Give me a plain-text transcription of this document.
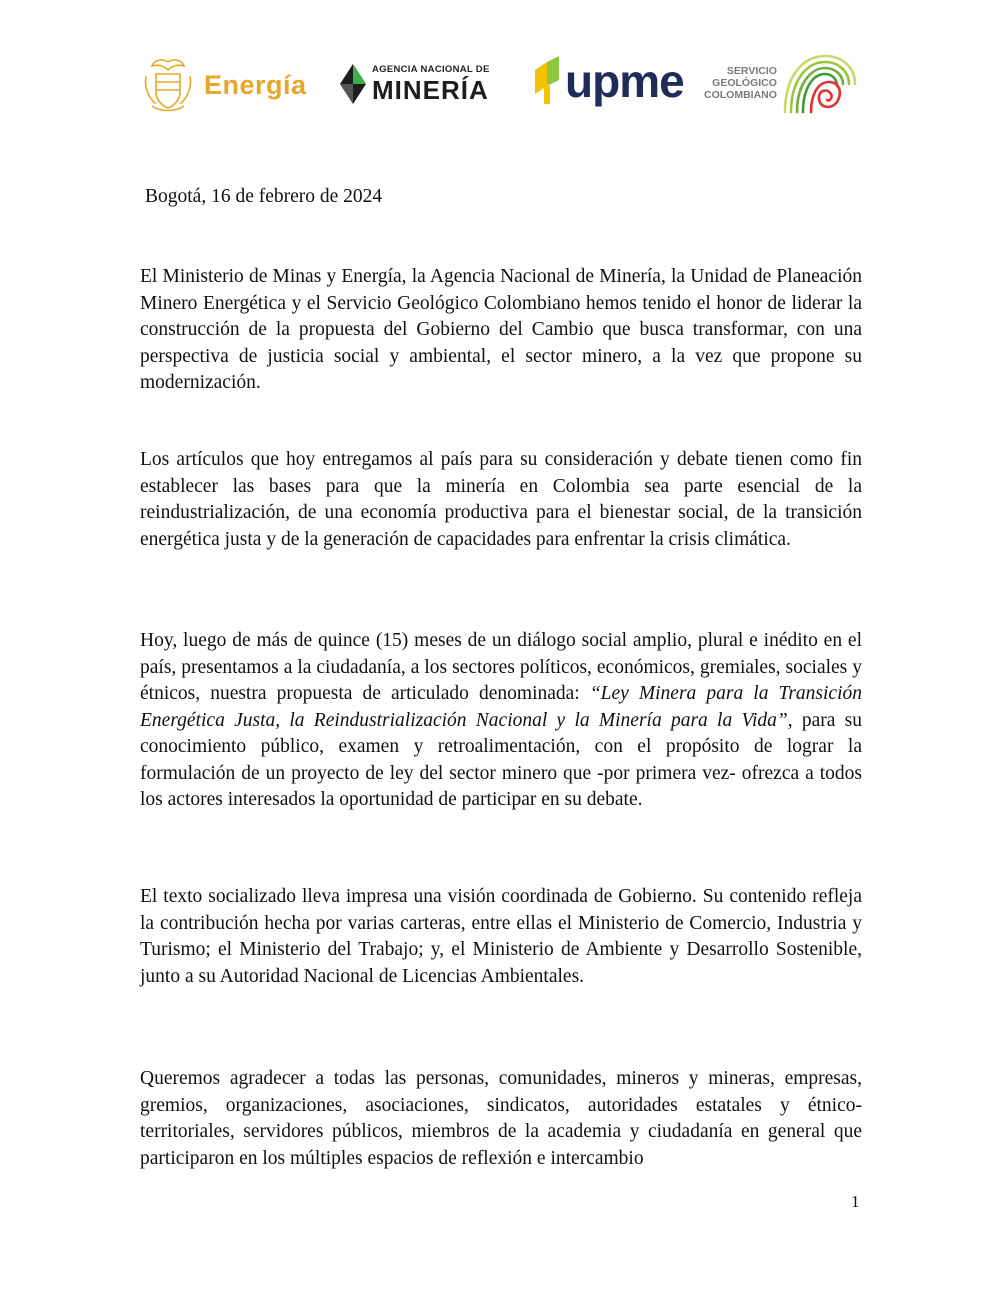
Energía	AGENCIA NACIONAL DE
MINERÍA upme	SERVICIO
GEOLÓGICO
COLOMBIANO
Bogotá, 16 de febrero de 2024

El Ministerio de Minas y Energía, la Agencia Nacional de Minería, la Unidad de Planeación Minero Energética y el Servicio Geológico Colombiano hemos tenido el honor de liderar la construcción de la propuesta del Gobierno del Cambio que busca transformar, con una perspectiva de justicia social y ambiental, el sector minero, a la vez que propone su modernización.

Los artículos que hoy entregamos al país para su consideración y debate tienen como fin establecer las bases para que la minería en Colombia sea parte esencial de la reindustrialización, de una economía productiva para el bienestar social, de la transición energética justa y de la generación de capacidades para enfrentar la crisis climática.

Hoy, luego de más de quince (15) meses de un diálogo social amplio, plural e inédito en el país, presentamos a la ciudadanía, a los sectores políticos, económicos, gremiales, sociales y étnicos, nuestra propuesta de articulado denominada: “Ley Minera para la Transición Energética Justa, la Reindustrialización Nacional y la Minería para la Vida”, para su conocimiento público, examen y retroalimentación, con el propósito de lograr la formulación de un proyecto de ley del sector minero que -por primera vez- ofrezca a todos los actores interesados la oportunidad de participar en su debate.

El texto socializado lleva impresa una visión coordinada de Gobierno. Su contenido refleja la contribución hecha por varias carteras, entre ellas el Ministerio de Comercio, Industria y Turismo; el Ministerio del Trabajo; y, el Ministerio de Ambiente y Desarrollo Sostenible, junto a su Autoridad Nacional de Licencias Ambientales.

Queremos agradecer a todas las personas, comunidades, mineros y mineras, empresas, gremios, organizaciones, asociaciones, sindicatos, autoridades estatales y étnico-territoriales, servidores públicos, miembros de la academia y ciudadanía en general que participaron en los múltiples espacios de reflexión e intercambio

1
